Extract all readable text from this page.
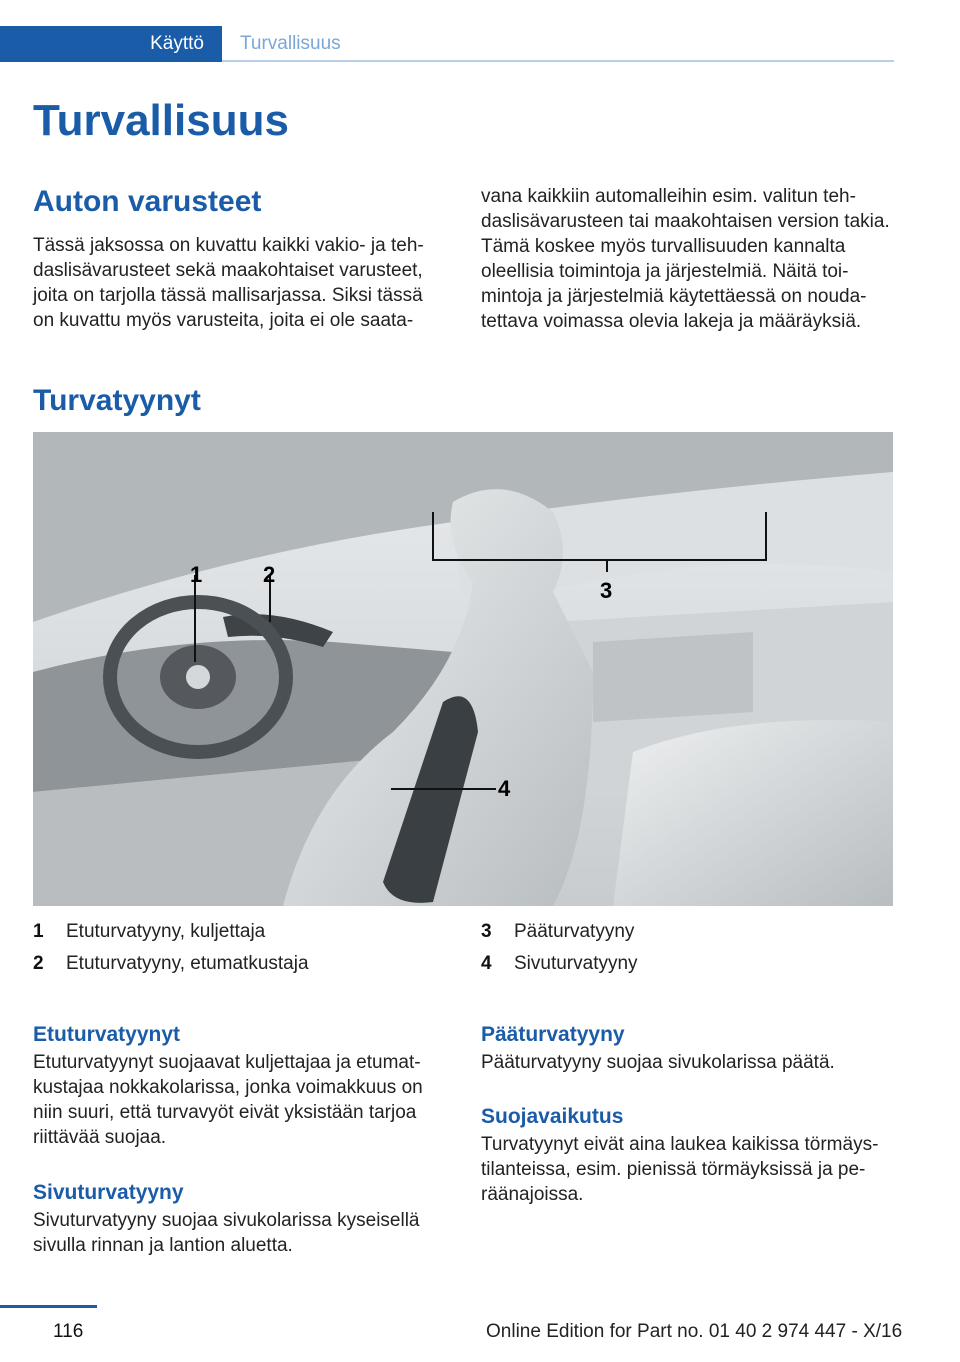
Käyttö Turvallisuus
Turvallisuus
Auton varusteet

Tässä jaksossa on kuvattu kaikki vakio- ja tehdaslisävarusteet sekä maakohtaiset varusteet, joita on tarjolla tässä mallisarjassa. Siksi tässä on kuvattu myös varusteita, joita ei ole saata-

vana kaikkiin automalleihin esim. valitun tehdaslisävarusteen tai maakohtaisen version takia. Tämä koskee myös turvallisuuden kannalta oleellisia toimintoja ja järjestelmiä. Näitä toimintoja ja järjestelmiä käytettäessä on noudatettava voimassa olevia lakeja ja määräyksiä.

Turvatyynyt
1	2
3
4
1 Etuturvatyyny, kuljettaja
2 Etuturvatyyny, etumatkustaja
3 Pääturvatyyny
4 Sivuturvatyyny
Etuturvatyynyt

Etuturvatyynyt suojaavat kuljettajaa ja etumatkustajaa nokkakolarissa, jonka voimakkuus on niin suuri, että turvavyöt eivät yksistään tarjoa riittävää suojaa.

Sivuturvatyyny

Sivuturvatyyny suojaa sivukolarissa kyseisellä sivulla rinnan ja lantion aluetta.

Pääturvatyyny

Pääturvatyyny suojaa sivukolarissa päätä.

Suojavaikutus

Turvatyynyt eivät aina laukea kaikissa törmäystilanteissa, esim. pienissä törmäyksissä ja peräänajoissa.

116	Online Edition for Part no. 01 40 2 974 447 - X/16
